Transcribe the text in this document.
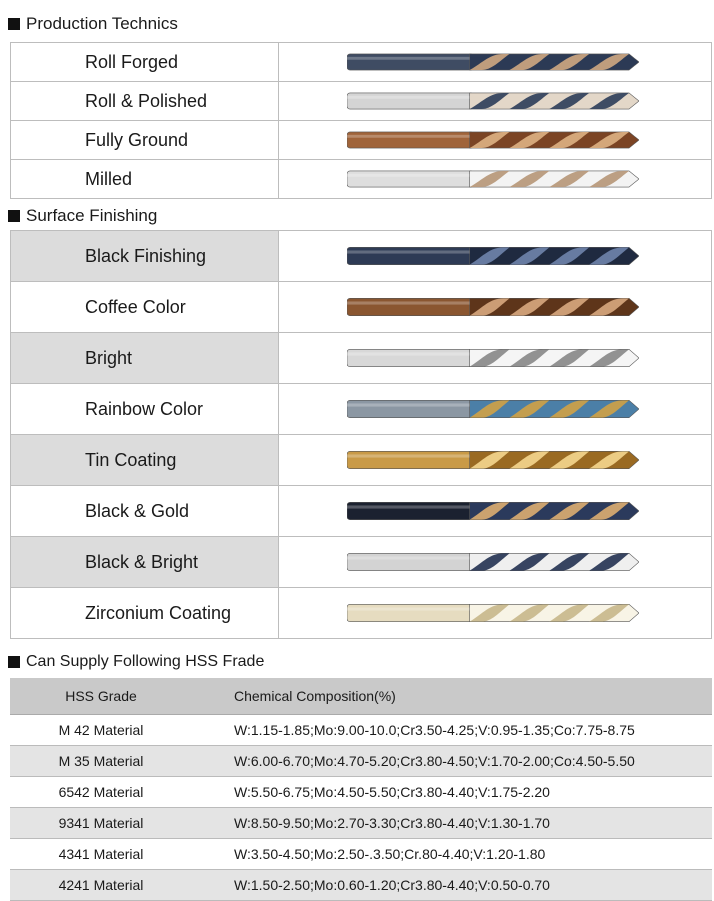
Production Technics
Roll Forged	

Roll & Polished	

Fully Ground	

Milled	
Surface Finishing
Black Finishing	

Coffee Color	

Bright	

Rainbow Color	

Tin Coating	

Black & Gold	

Black & Bright	

Zirconium Coating	
Can Supply Following HSS Frade
HSS Grade	Chemical Composition(%)
M 42 Material	W:1.15-1.85;Mo:9.00-10.0;Cr3.50-4.25;V:0.95-1.35;Co:7.75-8.75
M 35 Material	W:6.00-6.70;Mo:4.70-5.20;Cr3.80-4.50;V:1.70-2.00;Co:4.50-5.50
6542 Material	W:5.50-6.75;Mo:4.50-5.50;Cr3.80-4.40;V:1.75-2.20
9341 Material	W:8.50-9.50;Mo:2.70-3.30;Cr3.80-4.40;V:1.30-1.70
4341 Material	W:3.50-4.50;Mo:2.50-.3.50;Cr.80-4.40;V:1.20-1.80
4241 Material	W:1.50-2.50;Mo:0.60-1.20;Cr3.80-4.40;V:0.50-0.70
